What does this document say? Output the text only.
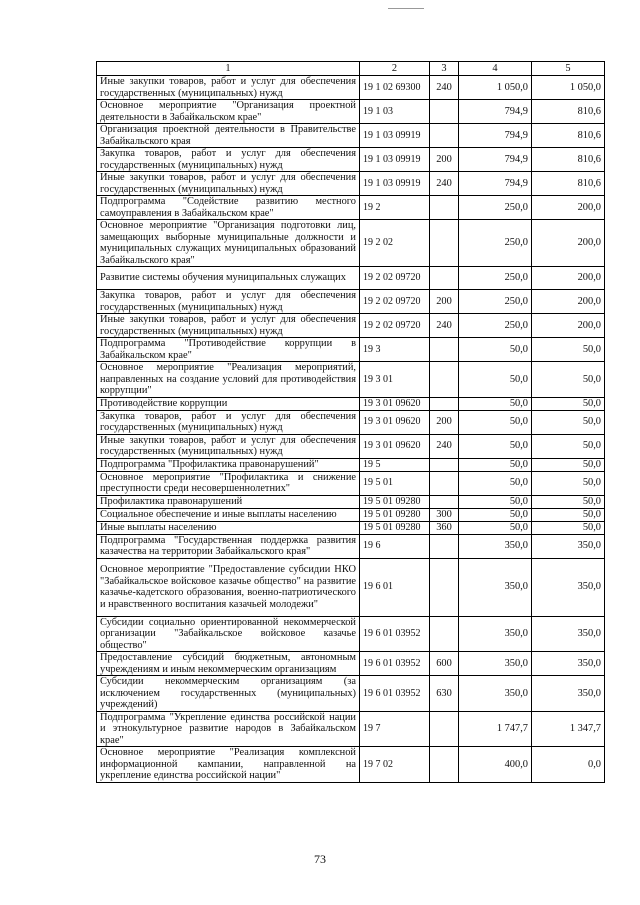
1	2	3	4	5
Иные закупки товаров, работ и услуг для обеспечения государственных (муниципальных) нужд	19 1 02 69300	240	1 050,0	1 050,0
Основное мероприятие "Организация проектной деятельности в Забайкальском крае"	19 1 03		794,9	810,6
Организация проектной деятельности в Правительстве Забайкальского края	19 1 03 09919		794,9	810,6
Закупка товаров, работ и услуг для обеспечения государственных (муниципальных) нужд	19 1 03 09919	200	794,9	810,6
Иные закупки товаров, работ и услуг для обеспечения государственных (муниципальных) нужд	19 1 03 09919	240	794,9	810,6
Подпрограмма "Содействие развитию местного самоуправления в Забайкальском крае"	19 2		250,0	200,0
Основное мероприятие "Организация подготовки лиц, замещающих выборные муниципальные должности и муниципальных служащих муниципальных образований Забайкальского края"	19 2 02		250,0	200,0
Развитие системы обучения муниципальных служащих	19 2 02 09720		250,0	200,0
Закупка товаров, работ и услуг для обеспечения государственных (муниципальных) нужд	19 2 02 09720	200	250,0	200,0
Иные закупки товаров, работ и услуг для обеспечения государственных (муниципальных) нужд	19 2 02 09720	240	250,0	200,0
Подпрограмма "Противодействие коррупции в Забайкальском крае"	19 3		50,0	50,0
Основное мероприятие "Реализация мероприятий, направленных на создание условий для противодействия коррупции"	19 3 01		50,0	50,0
Противодействие коррупции	19 3 01 09620		50,0	50,0
Закупка товаров, работ и услуг для обеспечения государственных (муниципальных) нужд	19 3 01 09620	200	50,0	50,0
Иные закупки товаров, работ и услуг для обеспечения государственных (муниципальных) нужд	19 3 01 09620	240	50,0	50,0
Подпрограмма "Профилактика правонарушений"	19 5		50,0	50,0
Основное мероприятие "Профилактика и снижение преступности среди несовершеннолетних"	19 5 01		50,0	50,0
Профилактика правонарушений	19 5 01 09280		50,0	50,0
Социальное обеспечение и иные выплаты населению	19 5 01 09280	300	50,0	50,0
Иные выплаты населению	19 5 01 09280	360	50,0	50,0
Подпрограмма "Государственная поддержка развития казачества на территории Забайкальского края"	19 6		350,0	350,0
Основное мероприятие "Предоставление субсидии НКО "Забайкальское войсковое казачье общество" на развитие казачье-кадетского образования, военно-патриотического и нравственного воспитания казачьей молодежи"	19 6 01		350,0	350,0
Субсидии социально ориентированной некоммерческой организации "Забайкальское войсковое казачье общество"	19 6 01 03952		350,0	350,0
Предоставление субсидий бюджетным, автономным учреждениям и иным некоммерческим организациям	19 6 01 03952	600	350,0	350,0
Субсидии некоммерческим организациям (за исключением государственных (муниципальных) учреждений)	19 6 01 03952	630	350,0	350,0
Подпрограмма "Укрепление единства российской нации и этнокультурное развитие народов в Забайкальском крае"	19 7		1 747,7	1 347,7
Основное мероприятие "Реализация комплексной информационной кампании, направленной на укрепление единства российской нации"	19 7 02		400,0	0,0
73
